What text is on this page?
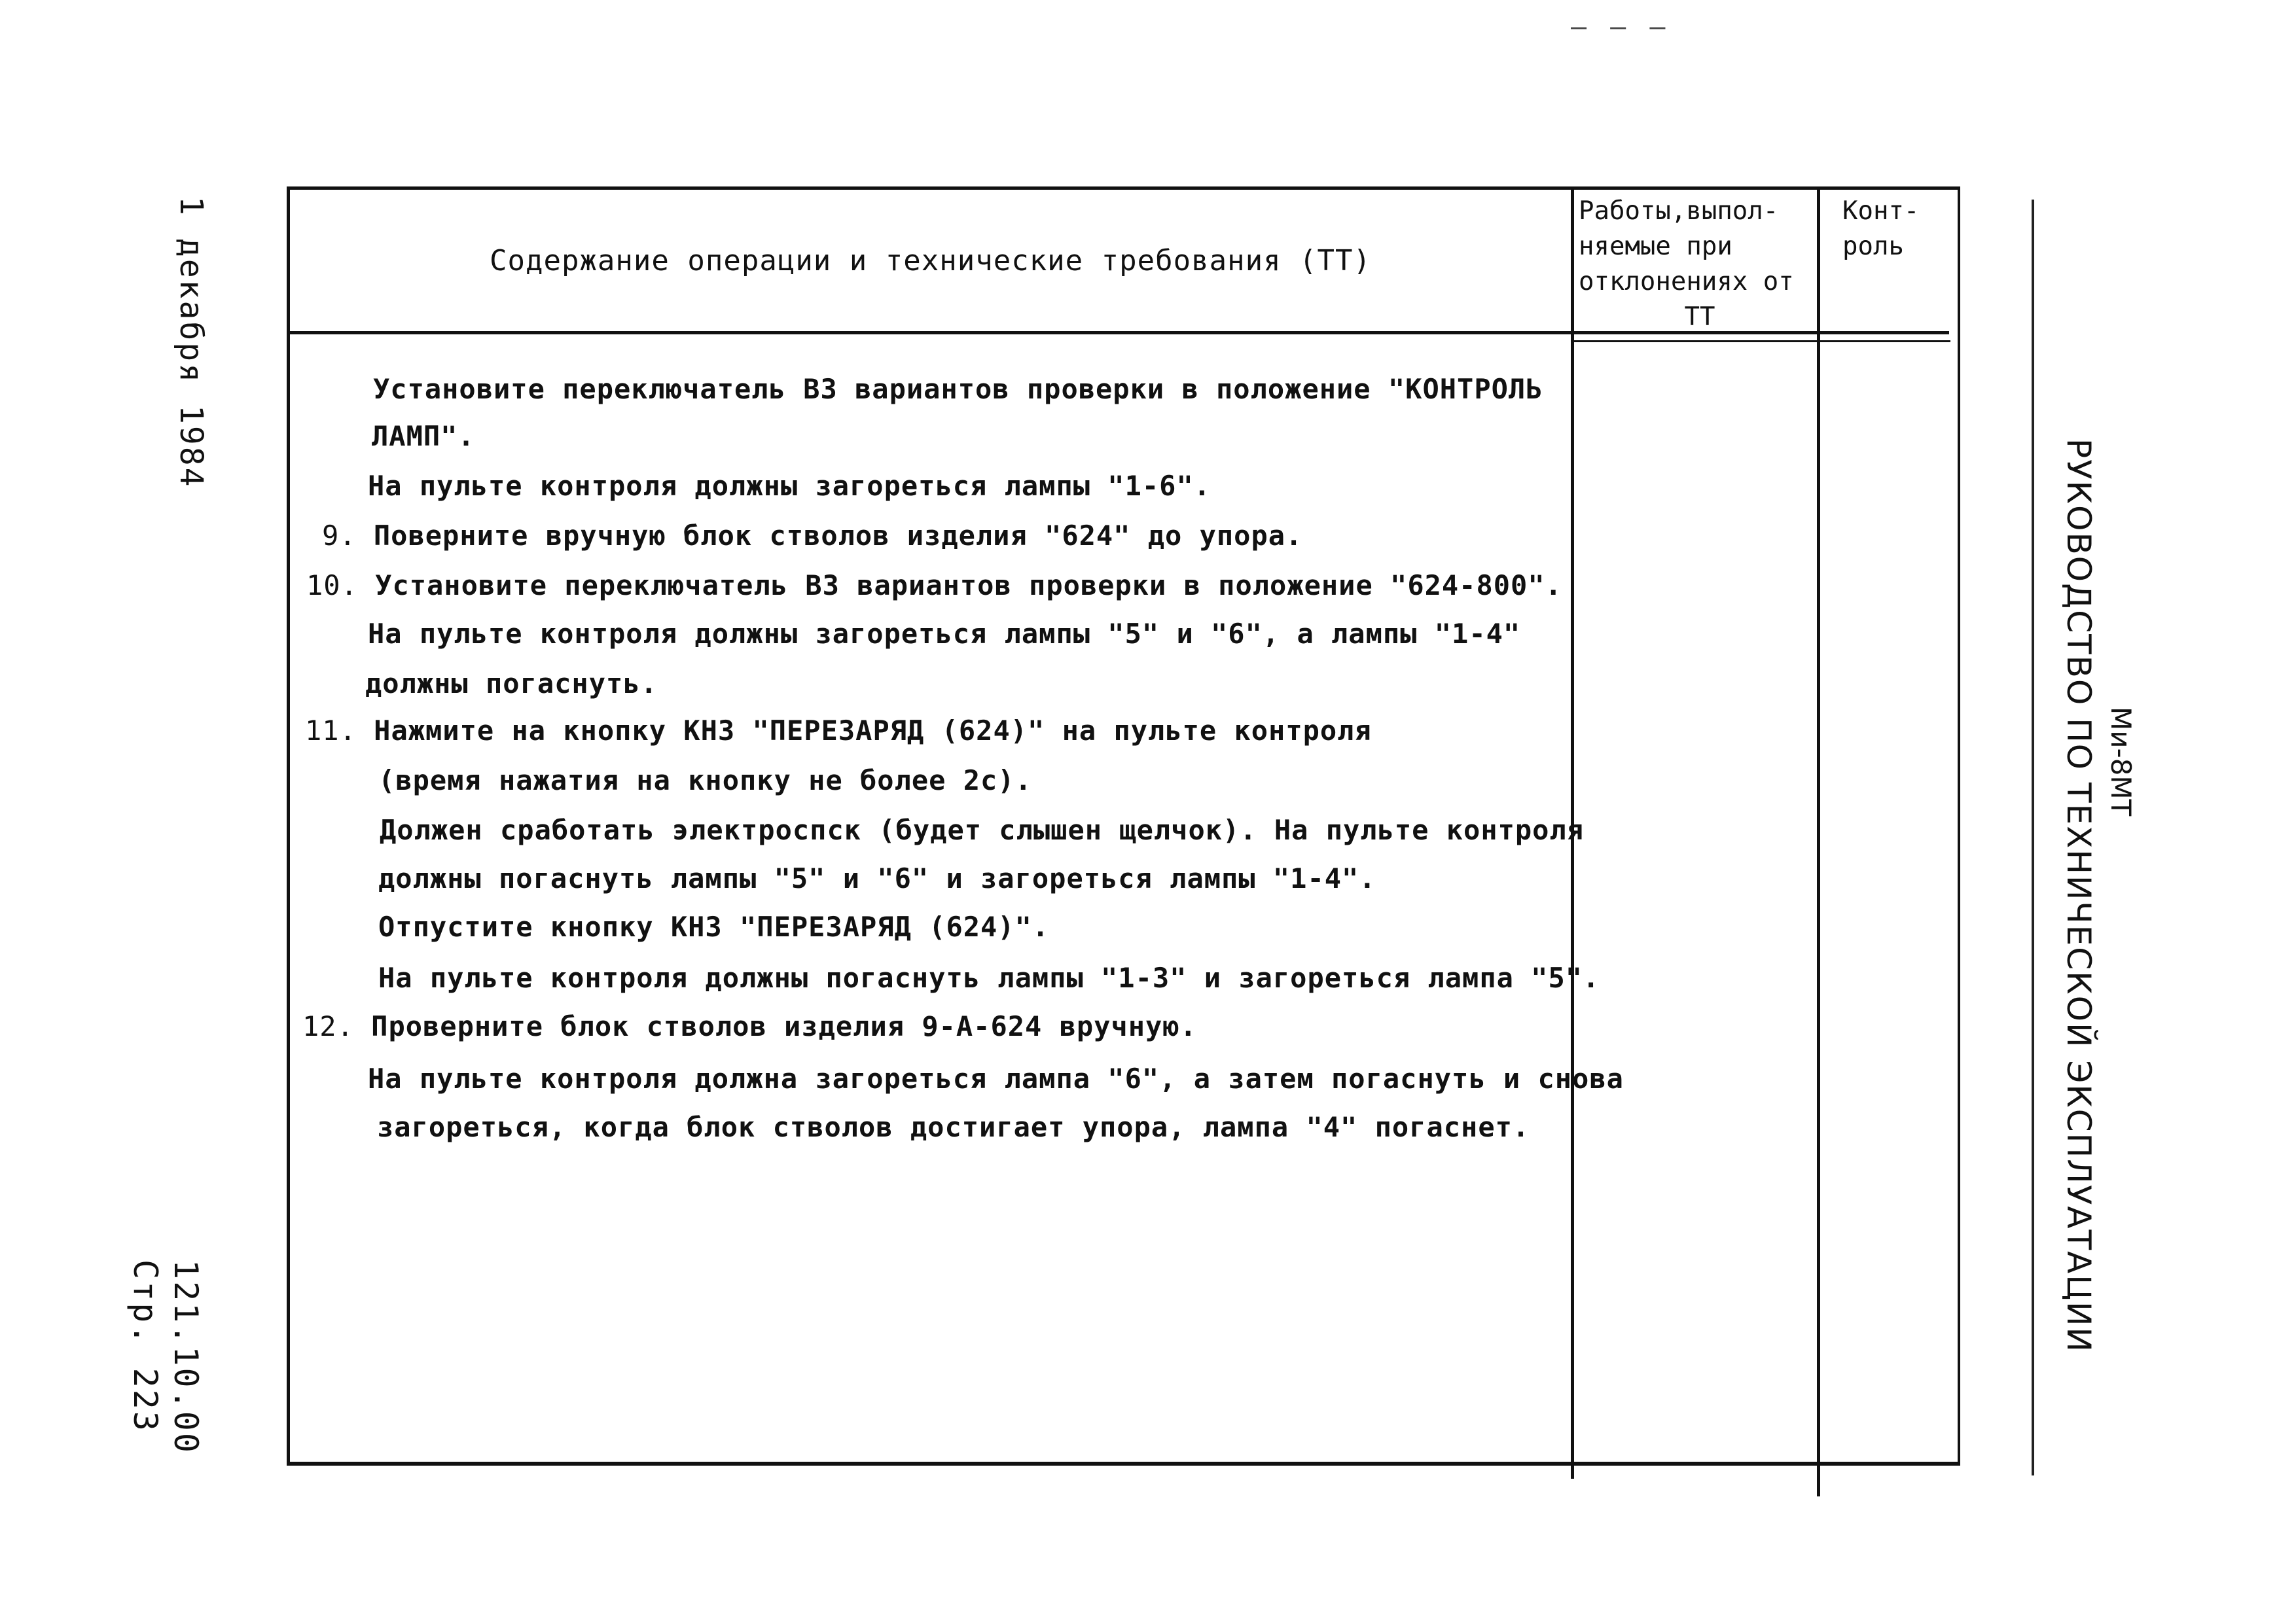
– – –
1 декабря 1984
121.10.00
Стр. 223
Содержание операции и технические требования (ТТ)
Работы,выпол-
няемые при
отклонениях от

ТТ
Конт-
роль
Установите переключатель В3 вариантов проверки в положение "КОНТРОЛЬ
ЛАМП".
На пульте контроля должны загореться лампы "1-6".
9. Поверните вручную блок стволов изделия "624" до упора.
10. Установите переключатель В3 вариантов проверки в положение "624-800".
На пульте контроля должны загореться лампы "5" и "6", а лампы "1-4"
должны погаснуть.
11. Нажмите на кнопку КН3 "ПЕРЕЗАРЯД (624)" на пульте контроля
(время нажатия на кнопку не более 2с).
Должен сработать электроспск (будет слышен щелчок). На пульте контроля
должны погаснуть лампы "5" и "6" и загореться лампы "1-4".
Отпустите кнопку КН3 "ПЕРЕЗАРЯД (624)".
На пульте контроля должны погаснуть лампы "1-3" и загореться лампа "5".
12. Проверните блок стволов изделия 9-А-624 вручную.
На пульте контроля должна загореться лампа "6", а затем погаснуть и снова
загореться, когда блок стволов достигает упора, лампа "4" погаснет.	РУКОВОДСТВО ПО ТЕХНИЧЕСКОЙ ЭКСПЛУАТАЦИИ Ми-8МТ
